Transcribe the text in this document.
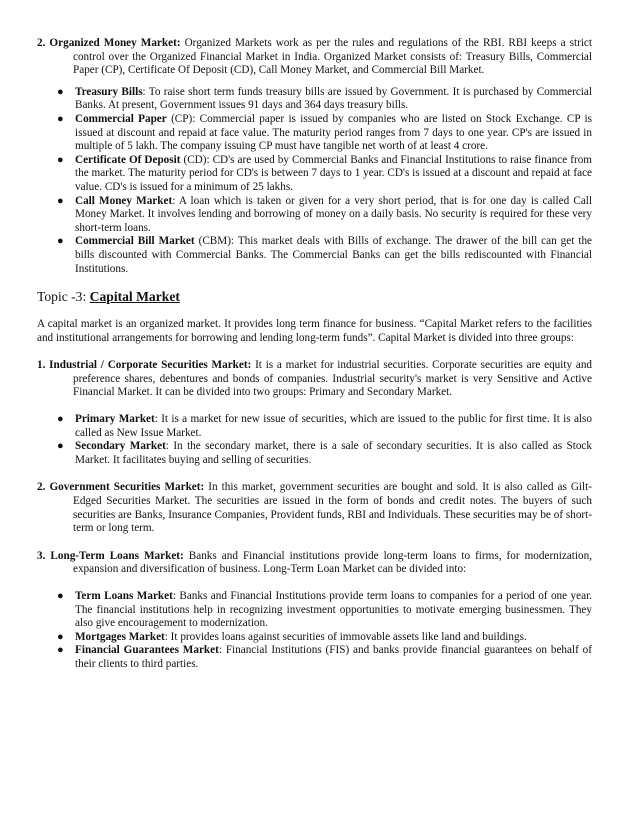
2. Organized Money Market: Organized Markets work as per the rules and regulations of the RBI. RBI keeps a strict control over the Organized Financial Market in India. Organized Market consists of: Treasury Bills, Commercial Paper (CP), Certificate Of Deposit (CD), Call Money Market, and Commercial Bill Market.

● Treasury Bills: To raise short term funds treasury bills are issued by Government. It is purchased by Commercial Banks. At present, Government issues 91 days and 364 days treasury bills.
● Commercial Paper (CP): Commercial paper is issued by companies who are listed on Stock Exchange. CP is issued at discount and repaid at face value. The maturity period ranges from 7 days to one year. CP's are issued in multiple of 5 lakh. The company issuing CP must have tangible net worth of at least 4 crore.
● Certificate Of Deposit (CD): CD's are used by Commercial Banks and Financial Institutions to raise finance from the market. The maturity period for CD's is between 7 days to 1 year. CD's is issued at a discount and repaid at face value. CD's is issued for a minimum of 25 lakhs.
● Call Money Market: A loan which is taken or given for a very short period, that is for one day is called Call Money Market. It involves lending and borrowing of money on a daily basis. No security is required for these very short-term loans.
● Commercial Bill Market (CBM): This market deals with Bills of exchange. The drawer of the bill can get the bills discounted with Commercial Banks. The Commercial Banks can get the bills rediscounted with Financial Institutions.

Topic -3: Capital Market

A capital market is an organized market. It provides long term finance for business. “Capital Market refers to the facilities and institutional arrangements for borrowing and lending long-term funds”. Capital Market is divided into three groups:

1. Industrial / Corporate Securities Market: It is a market for industrial securities. Corporate securities are equity and preference shares, debentures and bonds of companies. Industrial security's market is very Sensitive and Active Financial Market. It can be divided into two groups: Primary and Secondary Market.

● Primary Market: It is a market for new issue of securities, which are issued to the public for first time. It is also called as New Issue Market.
● Secondary Market: In the secondary market, there is a sale of secondary securities. It is also called as Stock Market. It facilitates buying and selling of securities.

2. Government Securities Market: In this market, government securities are bought and sold. It is also called as Gilt-Edged Securities Market. The securities are issued in the form of bonds and credit notes. The buyers of such securities are Banks, Insurance Companies, Provident funds, RBI and Individuals. These securities may be of short-term or long term.

3. Long-Term Loans Market: Banks and Financial institutions provide long-term loans to firms, for modernization, expansion and diversification of business. Long-Term Loan Market can be divided into:

● Term Loans Market: Banks and Financial Institutions provide term loans to companies for a period of one year. The financial institutions help in recognizing investment opportunities to motivate emerging businessmen. They also give encouragement to modernization.
● Mortgages Market: It provides loans against securities of immovable assets like land and buildings.
● Financial Guarantees Market: Financial Institutions (FIS) and banks provide financial guarantees on behalf of their clients to third parties.
